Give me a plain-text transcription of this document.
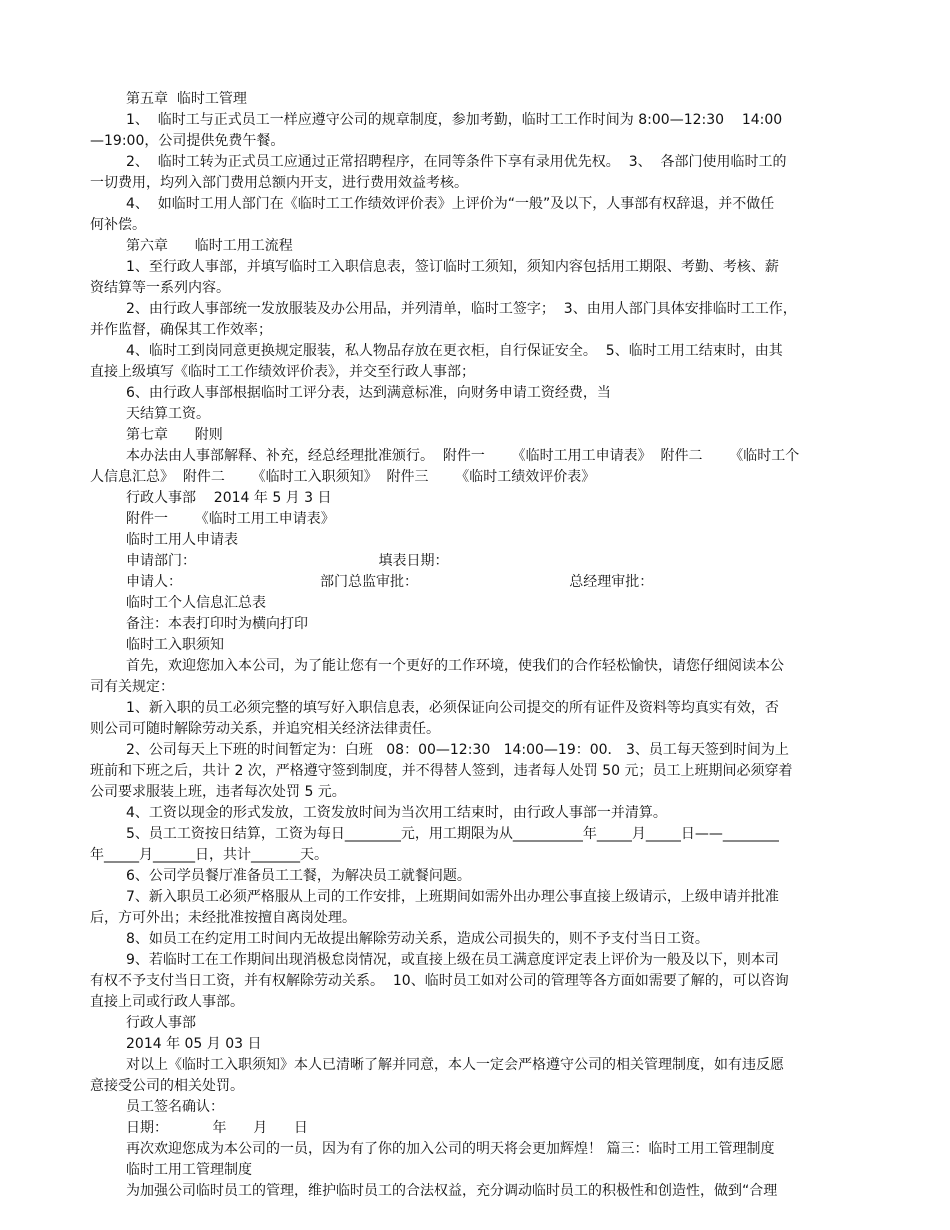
第五章  临时工管理
1、  临时工与正式员工一样应遵守公司的规章制度，参加考勤，临时工工作时间为 8:00—12:30    14:00
—19:00，公司提供免费午餐。
2、  临时工转为正式员工应通过正常招聘程序，在同等条件下享有录用优先权。  3、  各部门使用临时工的
一切费用，均列入部门费用总额内开支，进行费用效益考核。
4、  如临时工用人部门在《临时工工作绩效评价表》上评价为“一般”及以下，人事部有权辞退，并不做任
何补偿。
第六章      临时工用工流程
1、至行政人事部，并填写临时工入职信息表，签订临时工须知，须知内容包括用工期限、考勤、考核、薪
资结算等一系列内容。
2、由行政人事部统一发放服装及办公用品，并列清单，临时工签字；  3、由用人部门具体安排临时工工作，
并作监督，确保其工作效率；
4、临时工到岗同意更换规定服装，私人物品存放在更衣柜，自行保证安全。  5、临时工用工结束时，由其
直接上级填写《临时工工作绩效评价表》，并交至行政人事部；
6、由行政人事部根据临时工评分表，达到满意标准，向财务申请工资经费，当
天结算工资。
第七章      附则
本办法由人事部解释、补充，经总经理批准颁行。  附件一      《临时工用工申请表》  附件二      《临时工个
人信息汇总》  附件二      《临时工入职须知》  附件三      《临时工绩效评价表》
行政人事部    2014 年 5 月 3 日
附件一      《临时工用工申请表》
临时工用人申请表
申请部门：                                         填表日期：
申请人：                               部门总监审批：                                  总经理审批：
临时工个人信息汇总表
备注：本表打印时为横向打印
临时工入职须知
首先，欢迎您加入本公司，为了能让您有一个更好的工作环境，使我们的合作轻松愉快，请您仔细阅读本公
司有关规定：
1、新入职的员工必须完整的填写好入职信息表，必须保证向公司提交的所有证件及资料等均真实有效，否
则公司可随时解除劳动关系，并追究相关经济法律责任。
2、公司每天上下班的时间暂定为：白班   08：00—12:30   14:00—19：00． 3、员工每天签到时间为上
班前和下班之后，共计 2 次，严格遵守签到制度，并不得替人签到，违者每人处罚 50 元；员工上班期间必须穿着
公司要求服装上班，违者每次处罚 5 元。
4、工资以现金的形式发放，工资发放时间为当次用工结束时，由行政人事部一并清算。
5、员工工资按日结算，工资为每日________元，用工期限为从__________年_____月_____日——________
年_____月______日，共计_______天。
6、公司学员餐厅准备员工工餐，为解决员工就餐问题。
7、新入职员工必须严格服从上司的工作安排，上班期间如需外出办理公事直接上级请示，上级申请并批准
后，方可外出；未经批准按擅自离岗处理。
8、如员工在约定用工时间内无故提出解除劳动关系，造成公司损失的，则不予支付当日工资。
9、若临时工在工作期间出现消极怠岗情况，或直接上级在员工满意度评定表上评价为一般及以下，则本司
有权不予支付当日工资，并有权解除劳动关系。  10、临时员工如对公司的管理等各方面如需要了解的，可以咨询
直接上司或行政人事部。
行政人事部
2014 年 05 月 03 日
对以上《临时工入职须知》本人已清晰了解并同意，本人一定会严格遵守公司的相关管理制度，如有违反愿
意接受公司的相关处罚。
员工签名确认：
日期：          年      月      日
再次欢迎您成为本公司的一员，因为有了你的加入公司的明天将会更加辉煌！ 篇三：临时工用工管理制度
临时工用工管理制度
为加强公司临时员工的管理，维护临时员工的合法权益，充分调动临时员工的积极性和创造性，做到“合理
